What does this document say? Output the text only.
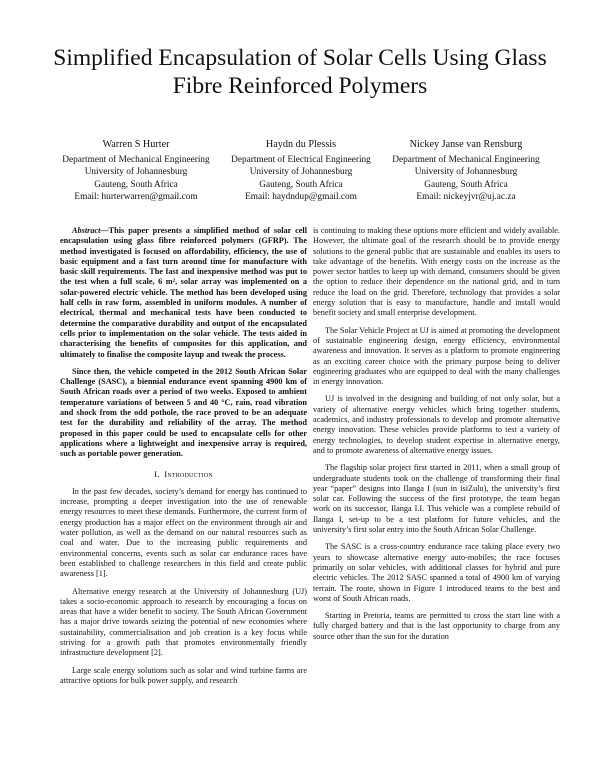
Simplified Encapsulation of Solar Cells Using Glass Fibre Reinforced Polymers
Warren S Hurter
Department of Mechanical Engineering
University of Johannesburg
Gauteng, South Africa
Email: hurterwarren@gmail.com
Haydn du Plessis
Department of Electrical Engineering
University of Johannesburg
Gauteng, South Africa
Email: haydndup@gmail.com
Nickey Janse van Rensburg
Department of Mechanical Engineering
University of Johannesburg
Gauteng, South Africa
Email: nickeyjvr@uj.ac.za

Abstract—This paper presents a simplified method of solar cell encapsulation using glass fibre reinforced polymers (GFRP). The method investigated is focused on affordability, efficiency, the use of basic equipment and a fast turn around time for manufacture with basic skill requirements. The fast and inexpensive method was put to the test when a full scale, 6 m², solar array was implemented on a solar-powered electric vehicle. The method has been developed using half cells in raw form, assembled in uniform modules. A number of electrical, thermal and mechanical tests have been conducted to determine the comparative durability and output of the encapsulated cells prior to implementation on the solar vehicle. The tests aided in characterising the benefits of composites for this application, and ultimately to finalise the composite layup and tweak the process.

Since then, the vehicle competed in the 2012 South African Solar Challenge (SASC), a biennial endurance event spanning 4900 km of South African roads over a period of two weeks. Exposed to ambient temperature variations of between 5 and 40 °C, rain, road vibration and shock from the odd pothole, the race proved to be an adequate test for the durability and reliability of the array. The method proposed in this paper could be used to encapsulate cells for other applications where a lightweight and inexpensive array is required, such as portable power generation.

I. Introduction

In the past few decades, society’s demand for energy has continued to increase, prompting a deeper investigation into the use of renewable energy resources to meet these demands. Furthermore, the current form of energy production has a major effect on the environment through air and water pollution, as well as the demand on our natural resources such as coal and water. Due to the increasing public requirements and environmental concerns, events such as solar car endurance races have been established to challenge researchers in this field and create public awareness [1].

Alternative energy research at the University of Johannesburg (UJ) takes a socio-economic approach to research by encouraging a focus on areas that have a wider benefit to society. The South African Government has a major drive towards seizing the potential of new economies where sustainability, commercialisation and job creation is a key focus while striving for a growth path that promotes environmentally friendly infrastructure development [2].

Large scale energy solutions such as solar and wind turbine farms are attractive options for bulk power supply, and research

is continuing to making these options more efficient and widely available. However, the ultimate goal of the research should be to provide energy solutions to the general public that are sustainable and enables its users to take advantage of the benefits. With energy costs on the increase as the power sector battles to keep up with demand, consumers should be given the option to reduce their dependence on the national grid, and in turn reduce the load on the grid. Therefore, technology that provides a solar energy solution that is easy to manufacture, handle and install would benefit society and small enterprise development.

The Solar Vehicle Project at UJ is aimed at promoting the development of sustainable engineering design, energy efficiency, environmental awareness and innovation. It serves as a platform to promote engineering as an exciting career choice with the primary purpose being to deliver engineering graduates who are equipped to deal with the many challenges in energy innovation.

UJ is involved in the designing and building of not only solar, but a variety of alternative energy vehicles which bring together students, academics, and industry professionals to develop and promote alternative energy innovation. These vehicles provide platforms to test a variety of energy technologies, to develop student expertise in alternative energy, and to promote awareness of alternative energy issues.

The flagship solar project first started in 2011, when a small group of undergraduate students took on the challenge of transforming their final year “paper” designs into Ilanga I (sun in isiZulu), the university’s first solar car. Following the success of the first prototype, the team began work on its successor, Ilanga I.I. This vehicle was a complete rebuild of Ilanga I, set-up to be a test platform for future vehicles, and the university’s first solar entry into the South African Solar Challenge.

The SASC is a cross-country endurance race taking place every two years to showcase alternative energy auto-mobiles; the race focuses primarily on solar vehicles, with additional classes for hybrid and pure electric vehicles. The 2012 SASC spanned a total of 4900 km of varying terrain. The route, shown in Figure 1 introduced teams to the best and worst of South African roads.

Starting in Pretoria, teams are permitted to cross the start line with a fully charged battery and that is the last opportunity to charge from any source other than the sun for the duration
